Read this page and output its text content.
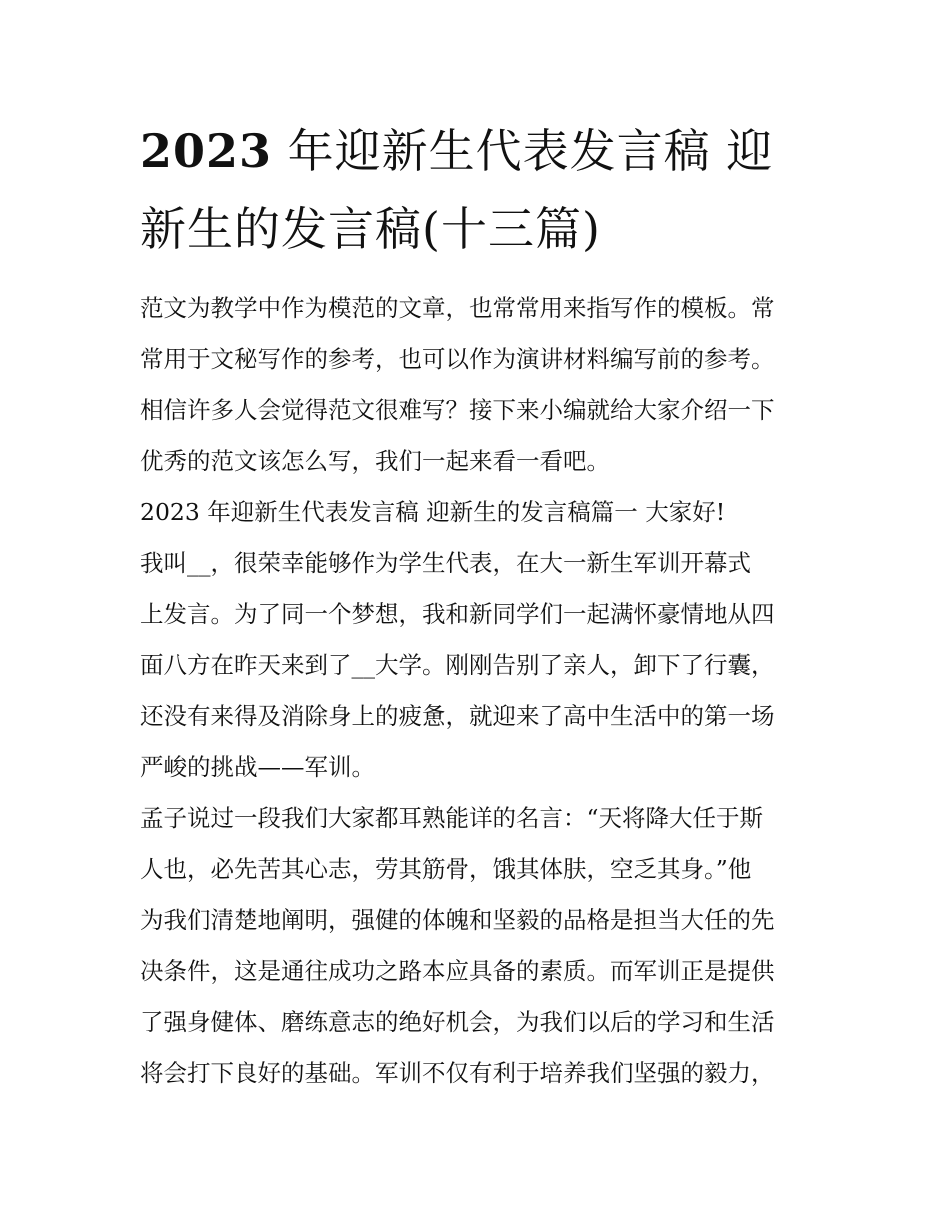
2023 年迎新生代表发言稿 迎
新生的发言稿(十三篇)
范文为教学中作为模范的文章，也常常用来指写作的模板。常
常用于文秘写作的参考，也可以作为演讲材料编写前的参考。
相信许多人会觉得范文很难写？接下来小编就给大家介绍一下
优秀的范文该怎么写，我们一起来看一看吧。
2023 年迎新生代表发言稿 迎新生的发言稿篇一 大家好!
我叫__，很荣幸能够作为学生代表，在大一新生军训开幕式
上发言。为了同一个梦想，我和新同学们一起满怀豪情地从四
面八方在昨天来到了__大学。刚刚告别了亲人，卸下了行囊，
还没有来得及消除身上的疲惫，就迎来了高中生活中的第一场
严峻的挑战——军训。
孟子说过一段我们大家都耳熟能详的名言：“天将降大任于斯
人也，必先苦其心志，劳其筋骨，饿其体肤，空乏其身。”他
为我们清楚地阐明，强健的体魄和坚毅的品格是担当大任的先
决条件，这是通往成功之路本应具备的素质。而军训正是提供
了强身健体、磨练意志的绝好机会，为我们以后的学习和生活
将会打下良好的基础。军训不仅有利于培养我们坚强的毅力，
